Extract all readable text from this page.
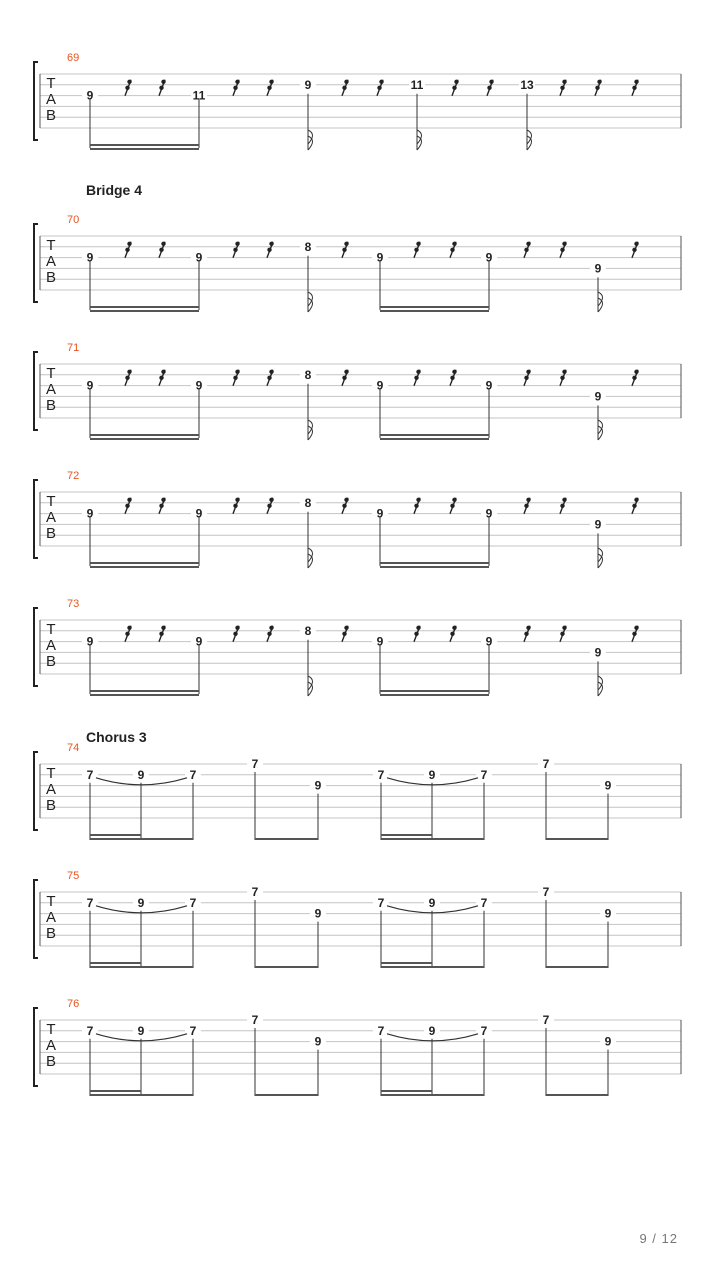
Bridge 4
Chorus 3
69
T
A
B
9	11
9	11	13
70
T
A
B
9	9
8
9	9
9
71
T
A
B
9	9
8
9	9
9
72
T
A
B
9	9
8
9	9
9
73
T
A
B
9	9
8
9	9
9
74
T
A
B
7	9	7
7
9
7	9	7
7
9
75
T
A
B
7	9	7
7
9
7	9	7
7
9
76
T
A
B
7	9	7
7
9
7	9	7
7
9
9 / 12
